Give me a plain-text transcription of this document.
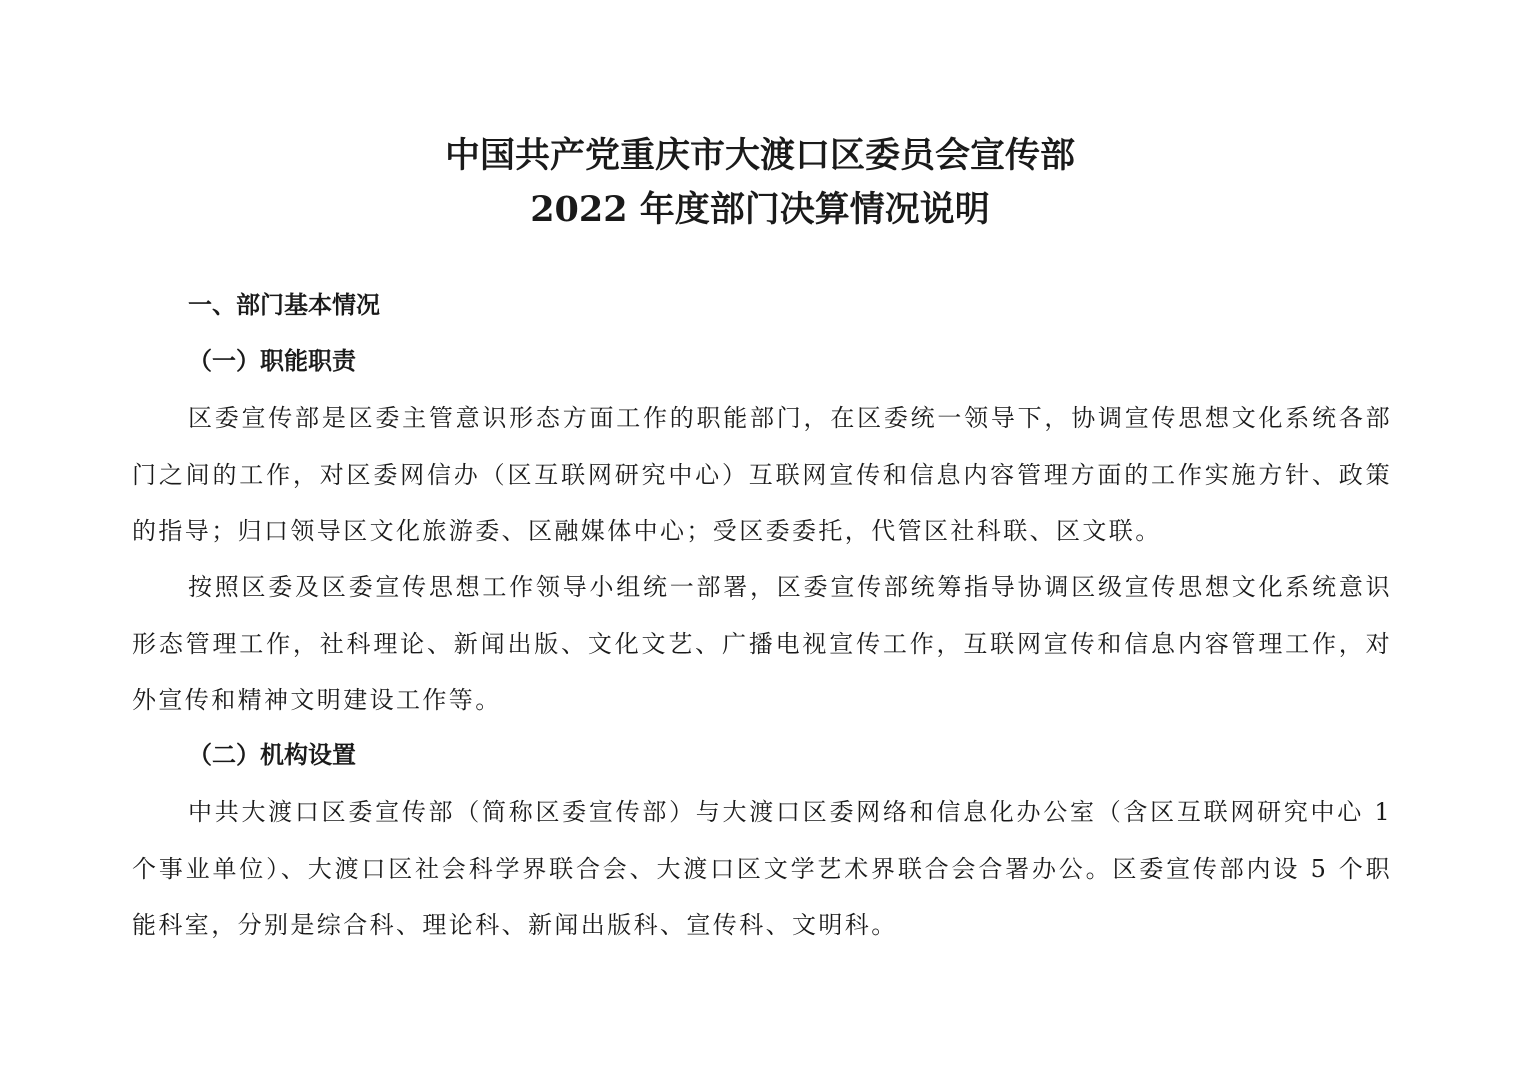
中国共产党重庆市大渡口区委员会宣传部
2022 年度部门决算情况说明
一、部门基本情况
（一）职能职责

区委宣传部是区委主管意识形态方面工作的职能部门，在区委统一领导下，协调宣传思想文化系统各部门之间的工作，对区委网信办（区互联网研究中心）互联网宣传和信息内容管理方面的工作实施方针、政策的指导；归口领导区文化旅游委、区融媒体中心；受区委委托，代管区社科联、区文联。

按照区委及区委宣传思想工作领导小组统一部署，区委宣传部统筹指导协调区级宣传思想文化系统意识形态管理工作，社科理论、新闻出版、文化文艺、广播电视宣传工作，互联网宣传和信息内容管理工作，对外宣传和精神文明建设工作等。

（二）机构设置

中共大渡口区委宣传部（简称区委宣传部）与大渡口区委网络和信息化办公室（含区互联网研究中心 1 个事业单位）、大渡口区社会科学界联合会、大渡口区文学艺术界联合会合署办公。区委宣传部内设 5 个职能科室，分别是综合科、理论科、新闻出版科、宣传科、文明科。
